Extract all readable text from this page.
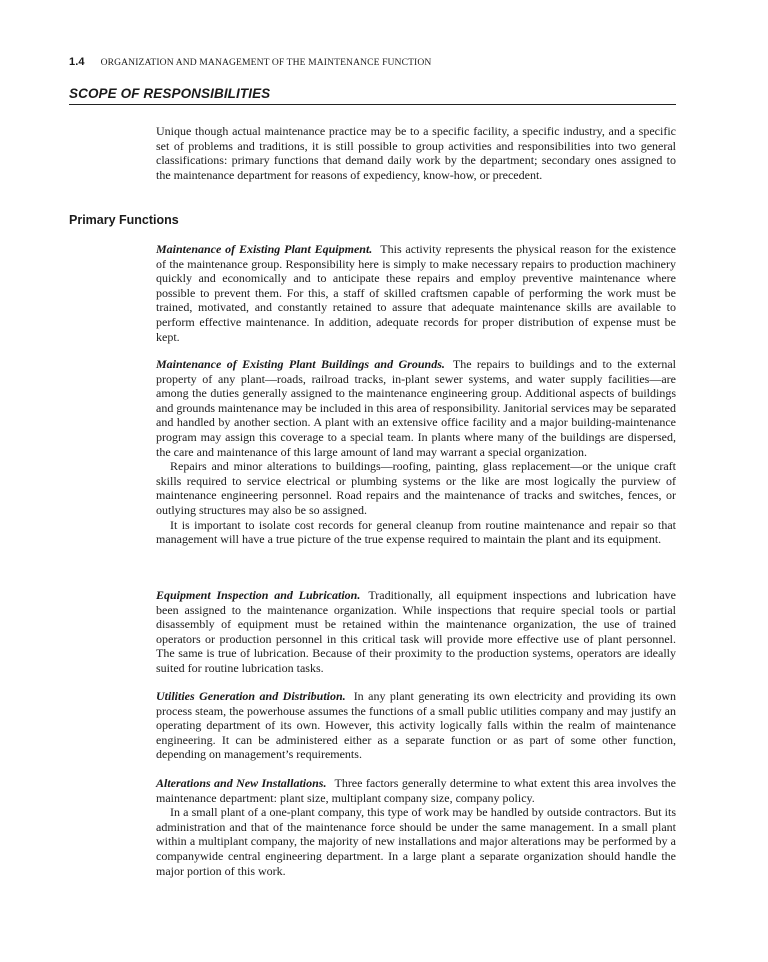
1.4 ORGANIZATION AND MANAGEMENT OF THE MAINTENANCE FUNCTION
SCOPE OF RESPONSIBILITIES

Unique though actual maintenance practice may be to a specific facility, a specific industry, and a specific set of problems and traditions, it is still possible to group activities and responsibilities into two general classifications: primary functions that demand daily work by the department; secondary ones assigned to the maintenance department for reasons of expediency, know-how, or precedent.

Primary Functions

Maintenance of Existing Plant Equipment. This activity represents the physical reason for the existence of the maintenance group. Responsibility here is simply to make necessary repairs to production machinery quickly and economically and to anticipate these repairs and employ preventive maintenance where possible to prevent them. For this, a staff of skilled craftsmen capable of performing the work must be trained, motivated, and constantly retained to assure that adequate maintenance skills are available to perform effective maintenance. In addition, adequate records for proper distribution of expense must be kept.

Maintenance of Existing Plant Buildings and Grounds. The repairs to buildings and to the external property of any plant—roads, railroad tracks, in-plant sewer systems, and water supply facilities—are among the duties generally assigned to the maintenance engineering group. Additional aspects of buildings and grounds maintenance may be included in this area of responsibility. Janitorial services may be separated and handled by another section. A plant with an extensive office facility and a major building-maintenance program may assign this coverage to a special team. In plants where many of the buildings are dispersed, the care and maintenance of this large amount of land may warrant a special organization.

Repairs and minor alterations to buildings—roofing, painting, glass replacement—or the unique craft skills required to service electrical or plumbing systems or the like are most logically the purview of maintenance engineering personnel. Road repairs and the maintenance of tracks and switches, fences, or outlying structures may also be so assigned.

It is important to isolate cost records for general cleanup from routine maintenance and repair so that management will have a true picture of the true expense required to maintain the plant and its equipment.

Equipment Inspection and Lubrication. Traditionally, all equipment inspections and lubrication have been assigned to the maintenance organization. While inspections that require special tools or partial disassembly of equipment must be retained within the maintenance organization, the use of trained operators or production personnel in this critical task will provide more effective use of plant personnel. The same is true of lubrication. Because of their proximity to the production systems, operators are ideally suited for routine lubrication tasks.

Utilities Generation and Distribution. In any plant generating its own electricity and providing its own process steam, the powerhouse assumes the functions of a small public utilities company and may justify an operating department of its own. However, this activity logically falls within the realm of maintenance engineering. It can be administered either as a separate function or as part of some other function, depending on management’s requirements.

Alterations and New Installations. Three factors generally determine to what extent this area involves the maintenance department: plant size, multiplant company size, company policy.

In a small plant of a one-plant company, this type of work may be handled by outside contractors. But its administration and that of the maintenance force should be under the same management. In a small plant within a multiplant company, the majority of new installations and major alterations may be performed by a companywide central engineering department. In a large plant a separate organization should handle the major portion of this work.
